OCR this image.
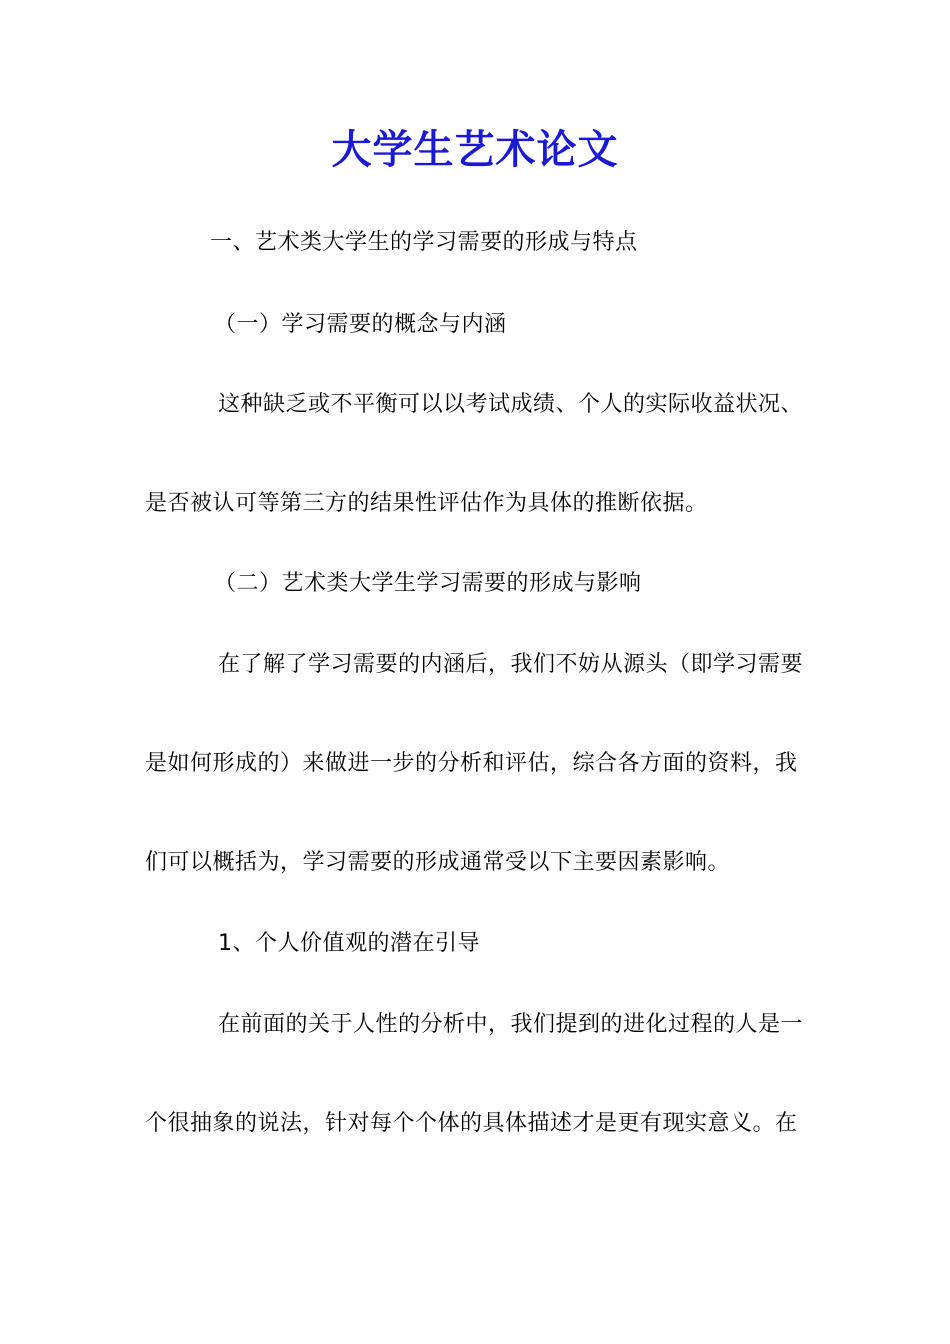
大学生艺术论文
一、艺术类大学生的学习需要的形成与特点
（一）学习需要的概念与内涵
这种缺乏或不平衡可以以考试成绩、个人的实际收益状况、
是否被认可等第三方的结果性评估作为具体的推断依据。
（二）艺术类大学生学习需要的形成与影响
在了解了学习需要的内涵后，我们不妨从源头（即学习需要
是如何形成的）来做进一步的分析和评估，综合各方面的资料，我
们可以概括为，学习需要的形成通常受以下主要因素影响。
1、个人价值观的潜在引导
在前面的关于人性的分析中，我们提到的进化过程的人是一
个很抽象的说法，针对每个个体的具体描述才是更有现实意义。在
